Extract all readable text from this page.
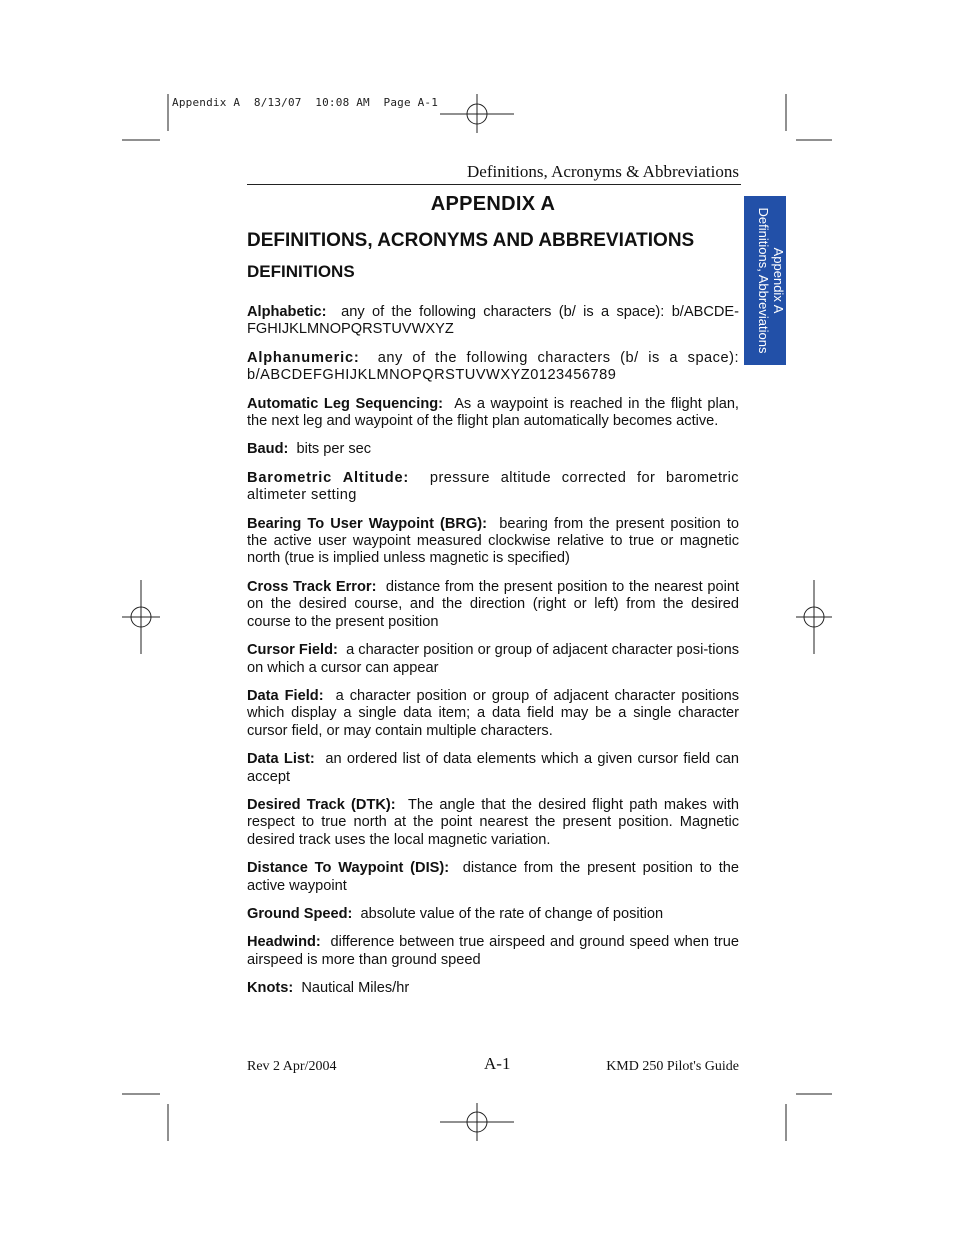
Appendix A  8/13/07  10:08 AM  Page A-1
Definitions, Acronyms & Abbreviations
APPENDIX A
DEFINITIONS, ACRONYMS AND ABBREVIATIONS
DEFINITIONS	Appendix A
Definitions, Abbreviations

Alphabetic: any of the following characters (b/ is a space): b/ABCDE-FGHIJKLMNOPQRSTUVWXYZ

Alphanumeric: any of the following characters (b/ is a space): b/ABCDEFGHIJKLMNOPQRSTUVWXYZ0123456789

Automatic Leg Sequencing: As a waypoint is reached in the flight plan, the next leg and waypoint of the flight plan automatically becomes active.

Baud: bits per sec

Barometric Altitude: pressure altitude corrected for barometric altimeter setting

Bearing To User Waypoint (BRG): bearing from the present position to the active user waypoint measured clockwise relative to true or magnetic north (true is implied unless magnetic is specified)

Cross Track Error: distance from the present position to the nearest point on the desired course, and the direction (right or left) from the desired course to the present position

Cursor Field: a character position or group of adjacent character posi-tions on which a cursor can appear

Data Field: a character position or group of adjacent character positions which display a single data item; a data field may be a single character cursor field, or may contain multiple characters.

Data List: an ordered list of data elements which a given cursor field can accept

Desired Track (DTK): The angle that the desired flight path makes with respect to true north at the point nearest the present position. Magnetic desired track uses the local magnetic variation.

Distance To Waypoint (DIS): distance from the present position to the active waypoint

Ground Speed: absolute value of the rate of change of position

Headwind: difference between true airspeed and ground speed when true airspeed is more than ground speed

Knots: Nautical Miles/hr

Rev 2 Apr/2004	A-1	KMD 250 Pilot's Guide
